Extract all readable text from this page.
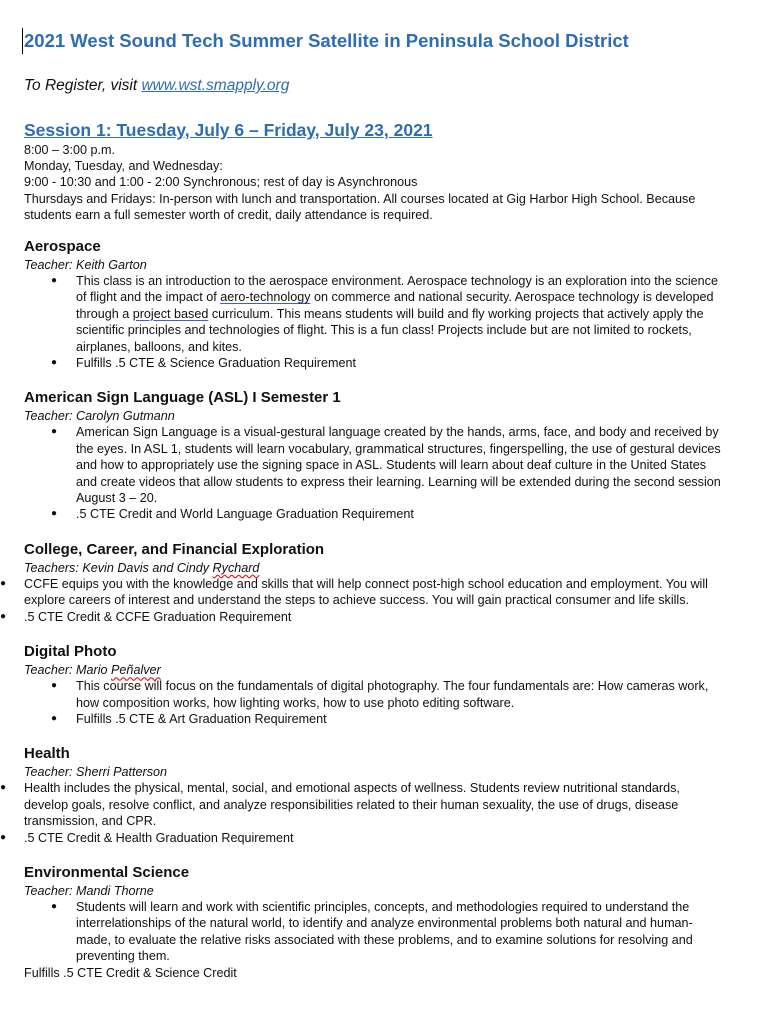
2021 West Sound Tech Summer Satellite in Peninsula School District
To Register, visit www.wst.smapply.org
Session 1: Tuesday, July 6 – Friday, July 23, 2021
8:00 – 3:00 p.m.
Monday, Tuesday, and Wednesday:
9:00 - 10:30 and 1:00 - 2:00 Synchronous; rest of day is Asynchronous
Thursdays and Fridays: In-person with lunch and transportation. All courses located at Gig Harbor High School. Because students earn a full semester worth of credit, daily attendance is required.
Aerospace
Teacher: Keith Garton
● This class is an introduction to the aerospace environment. Aerospace technology is an exploration into the science of flight and the impact of aero-technology on commerce and national security. Aerospace technology is developed through a project based curriculum. This means students will build and fly working projects that actively apply the scientific principles and technologies of flight. This is a fun class! Projects include but are not limited to rockets, airplanes, balloons, and kites.
● Fulfills .5 CTE & Science Graduation Requirement
American Sign Language (ASL) I Semester 1
Teacher: Carolyn Gutmann
● American Sign Language is a visual-gestural language created by the hands, arms, face, and body and received by the eyes. In ASL 1, students will learn vocabulary, grammatical structures, fingerspelling, the use of gestural devices and how to appropriately use the signing space in ASL. Students will learn about deaf culture in the United States and create videos that allow students to express their learning. Learning will be extended during the second session August 3 – 20.
● .5 CTE Credit and World Language Graduation Requirement
College, Career, and Financial Exploration
Teachers: Kevin Davis and Cindy Rychard
● CCFE equips you with the knowledge and skills that will help connect post-high school education and employment. You will explore careers of interest and understand the steps to achieve success. You will gain practical consumer and life skills.
● .5 CTE Credit & CCFE Graduation Requirement
Digital Photo
Teacher: Mario Peñalver
● This course will focus on the fundamentals of digital photography. The four fundamentals are: How cameras work, how composition works, how lighting works, how to use photo editing software.
● Fulfills .5 CTE & Art Graduation Requirement
Health
Teacher: Sherri Patterson
● Health includes the physical, mental, social, and emotional aspects of wellness. Students review nutritional standards, develop goals, resolve conflict, and analyze responsibilities related to their human sexuality, the use of drugs, disease transmission, and CPR.
● .5 CTE Credit & Health Graduation Requirement
Environmental Science
Teacher: Mandi Thorne
● Students will learn and work with scientific principles, concepts, and methodologies required to understand the interrelationships of the natural world, to identify and analyze environmental problems both natural and human-made, to evaluate the relative risks associated with these problems, and to examine solutions for resolving and preventing them.
Fulfills .5 CTE Credit & Science Credit
